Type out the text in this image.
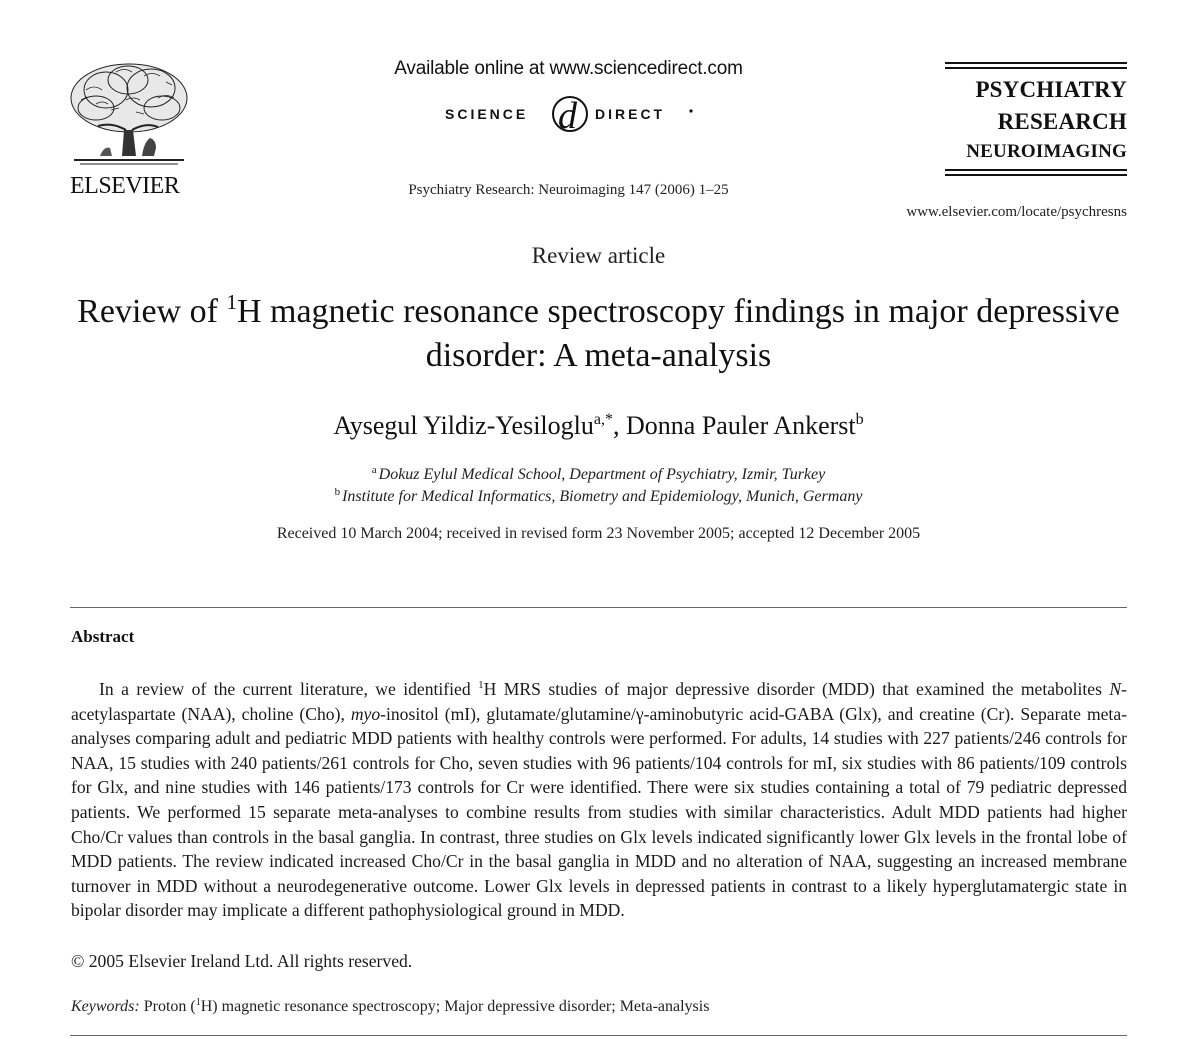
ELSEVIER
Available online at www.sciencedirect.com
SCIENCE d DIRECT
Psychiatry Research: Neuroimaging 147 (2006) 1–25
PSYCHIATRY
RESEARCH
NEUROIMAGING
www.elsevier.com/locate/psychresns
Review article
Review of $^1$H magnetic resonance spectroscopy findings in major depressive disorder: A meta-analysis
Aysegul Yildiz-Yesiloglu$^{a,*}$, Donna Pauler Ankerst$^b$
$^a$ Dokuz Eylul Medical School, Department of Psychiatry, Izmir, Turkey
$^b$ Institute for Medical Informatics, Biometry and Epidemiology, Munich, Germany
Received 10 March 2004; received in revised form 23 November 2005; accepted 12 December 2005
Abstract

In a review of the current literature, we identified $^1$H MRS studies of major depressive disorder (MDD) that examined the metabolites N-acetylaspartate (NAA), choline (Cho), myo-inositol (mI), glutamate/glutamine/γ-aminobutyric acid-GABA (Glx), and creatine (Cr). Separate meta-analyses comparing adult and pediatric MDD patients with healthy controls were performed. For adults, 14 studies with 227 patients/246 controls for NAA, 15 studies with 240 patients/261 controls for Cho, seven studies with 96 patients/104 controls for mI, six studies with 86 patients/109 controls for Glx, and nine studies with 146 patients/173 controls for Cr were identified. There were six studies containing a total of 79 pediatric depressed patients. We performed 15 separate meta-analyses to combine results from studies with similar characteristics. Adult MDD patients had higher Cho/Cr values than controls in the basal ganglia. In contrast, three studies on Glx levels indicated significantly lower Glx levels in the frontal lobe of MDD patients. The review indicated increased Cho/Cr in the basal ganglia in MDD and no alteration of NAA, suggesting an increased membrane turnover in MDD without a neurodegenerative outcome. Lower Glx levels in depressed patients in contrast to a likely hyperglutamatergic state in bipolar disorder may implicate a different pathophysiological ground in MDD.

© 2005 Elsevier Ireland Ltd. All rights reserved.
Keywords: Proton ($^1$H) magnetic resonance spectroscopy; Major depressive disorder; Meta-analysis
